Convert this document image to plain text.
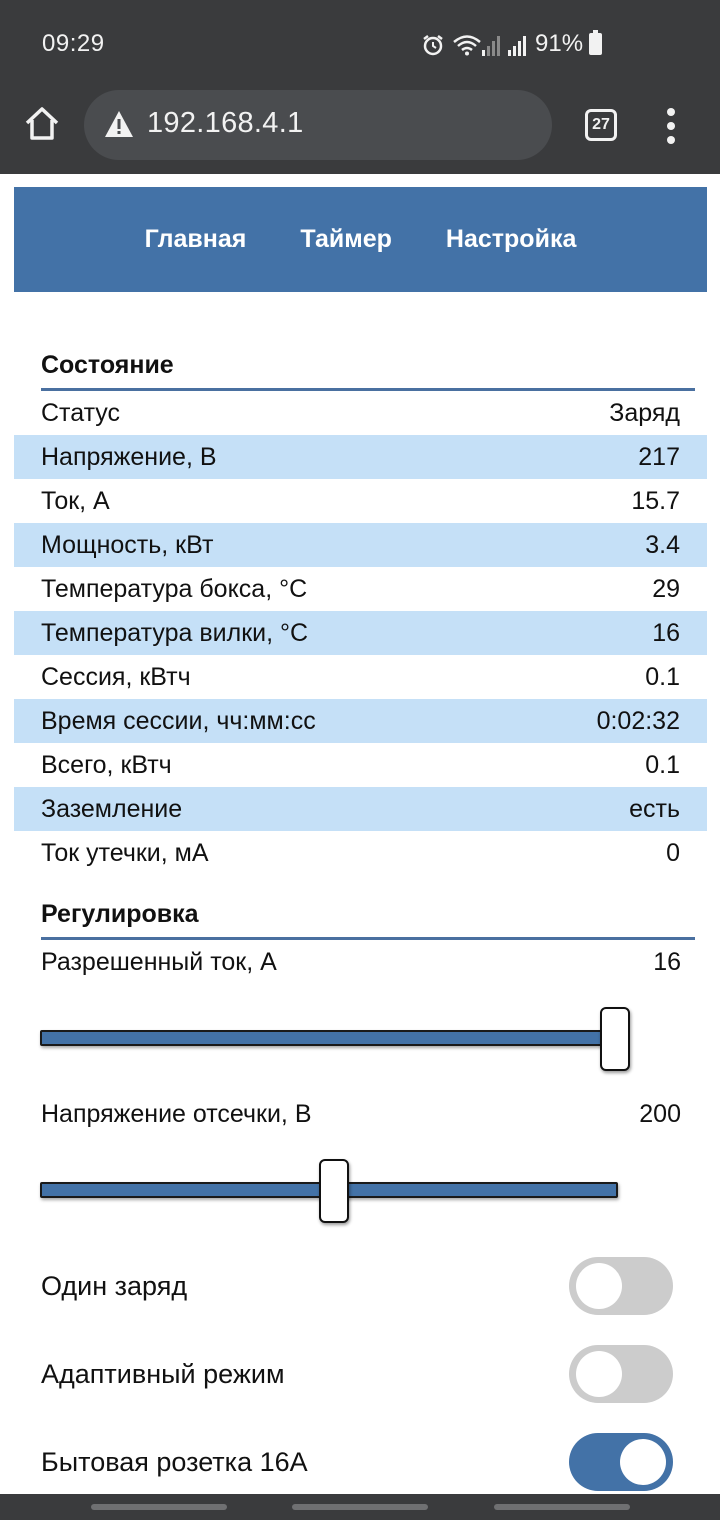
09:29	91%
192.168.4.1	27
Главная	Таймер	Настройка
Состояние
Статус	Заряд
Напряжение, В	217
Ток, А	15.7
Мощность, кВт	3.4
Температура бокса, °C	29
Температура вилки, °C	16
Сессия, кВтч	0.1
Время сессии, чч:мм:сс	0:02:32
Всего, кВтч	0.1
Заземление	есть
Ток утечки, мА	0
Регулировка
Разрешенный ток, А	16
Напряжение отсечки, В	200
Один заряд
Адаптивный режим
Бытовая розетка 16А
